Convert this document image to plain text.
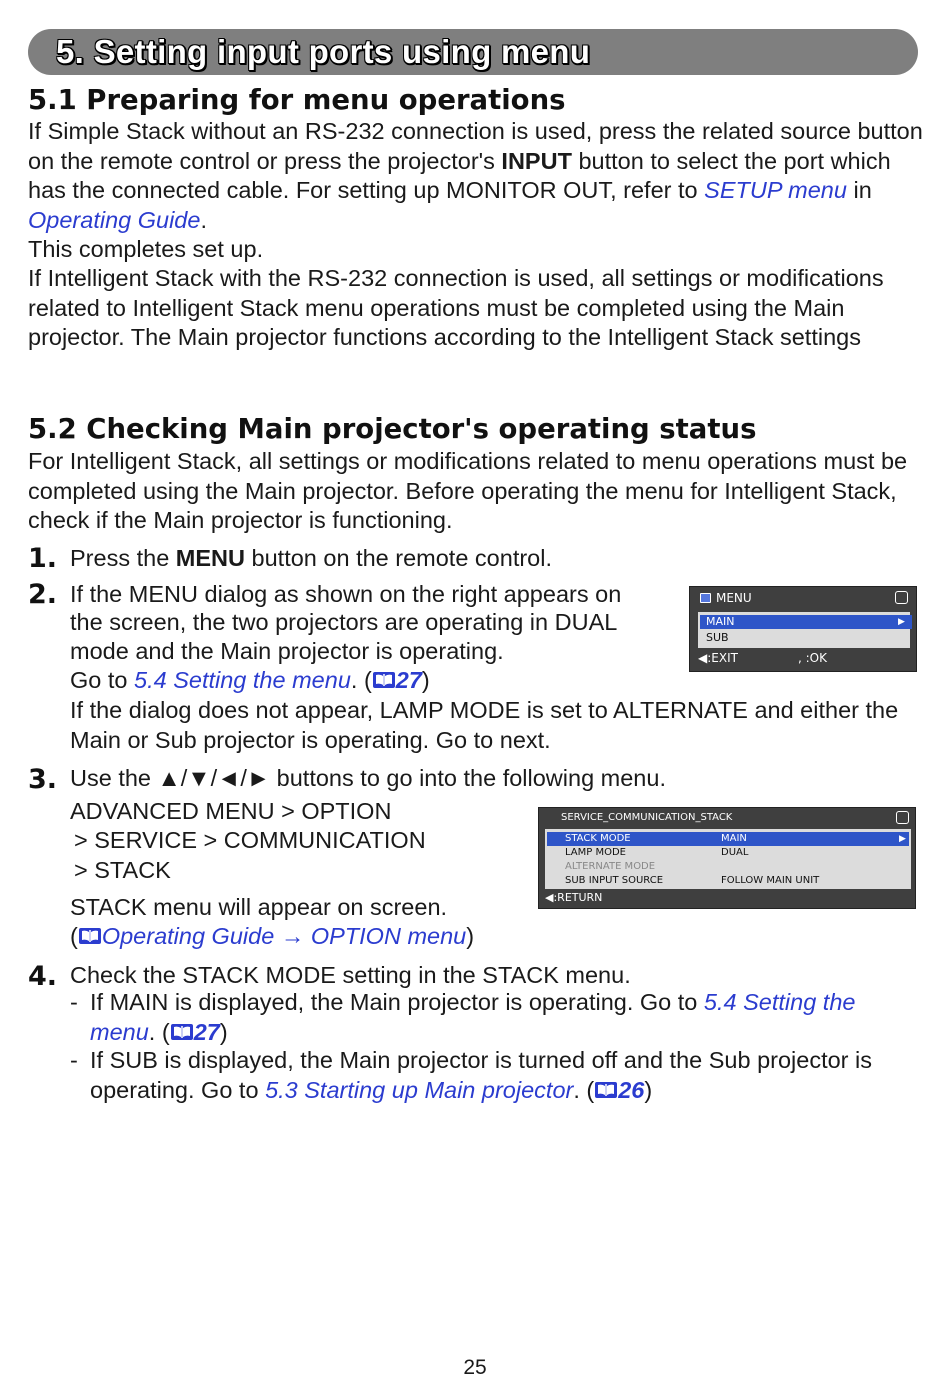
5. Setting input ports using menu
5.1 Preparing for menu operations

If Simple Stack without an RS-232 connection is used, press the related source button on the remote control or press the projector's INPUT button to select the port which has the connected cable. For setting up MONITOR OUT, refer to SETUP menu in Operating Guide.

This completes set up.

If Intelligent Stack with the RS-232 connection is used, all settings or modifications related to Intelligent Stack menu operations must be completed using the Main projector. The Main projector functions according to the Intelligent Stack settings

5.2 Checking Main projector's operating status

For Intelligent Stack, all settings or modifications related to menu operations must be completed using the Main projector. Before operating the menu for Intelligent Stack, check if the Main projector is functioning.

1. Press the MENU button on the remote control.

2. If the MENU dialog as shown on the right appears on

the screen, the two projectors are operating in DUAL

mode and the Main projector is operating.

Go to 5.4 Setting the menu. ( 27)

If the dialog does not appear, LAMP MODE is set to ALTERNATE and either the Main or Sub projector is operating. Go to next.

MENU
MAIN	▶
SUB
◀:EXIT	, :OK
3. Use the ▲/▼/◄/► buttons to go into the following menu.

ADVANCED MENU > OPTION

> SERVICE > COMMUNICATION

> STACK

STACK menu will appear on screen.

( Operating Guide → OPTION menu)

SERVICE_COMMUNICATION_STACK
STACK MODE	MAIN	▶
LAMP MODE	DUAL
ALTERNATE MODE
SUB INPUT SOURCE	FOLLOW MAIN UNIT
◀:RETURN
4. Check the STACK MODE setting in the STACK menu.

- If MAIN is displayed, the Main projector is operating. Go to 5.4 Setting the menu. ( 27)

- If SUB is displayed, the Main projector is turned off and the Sub projector is operating. Go to 5.3 Starting up Main projector. ( 26)

25
